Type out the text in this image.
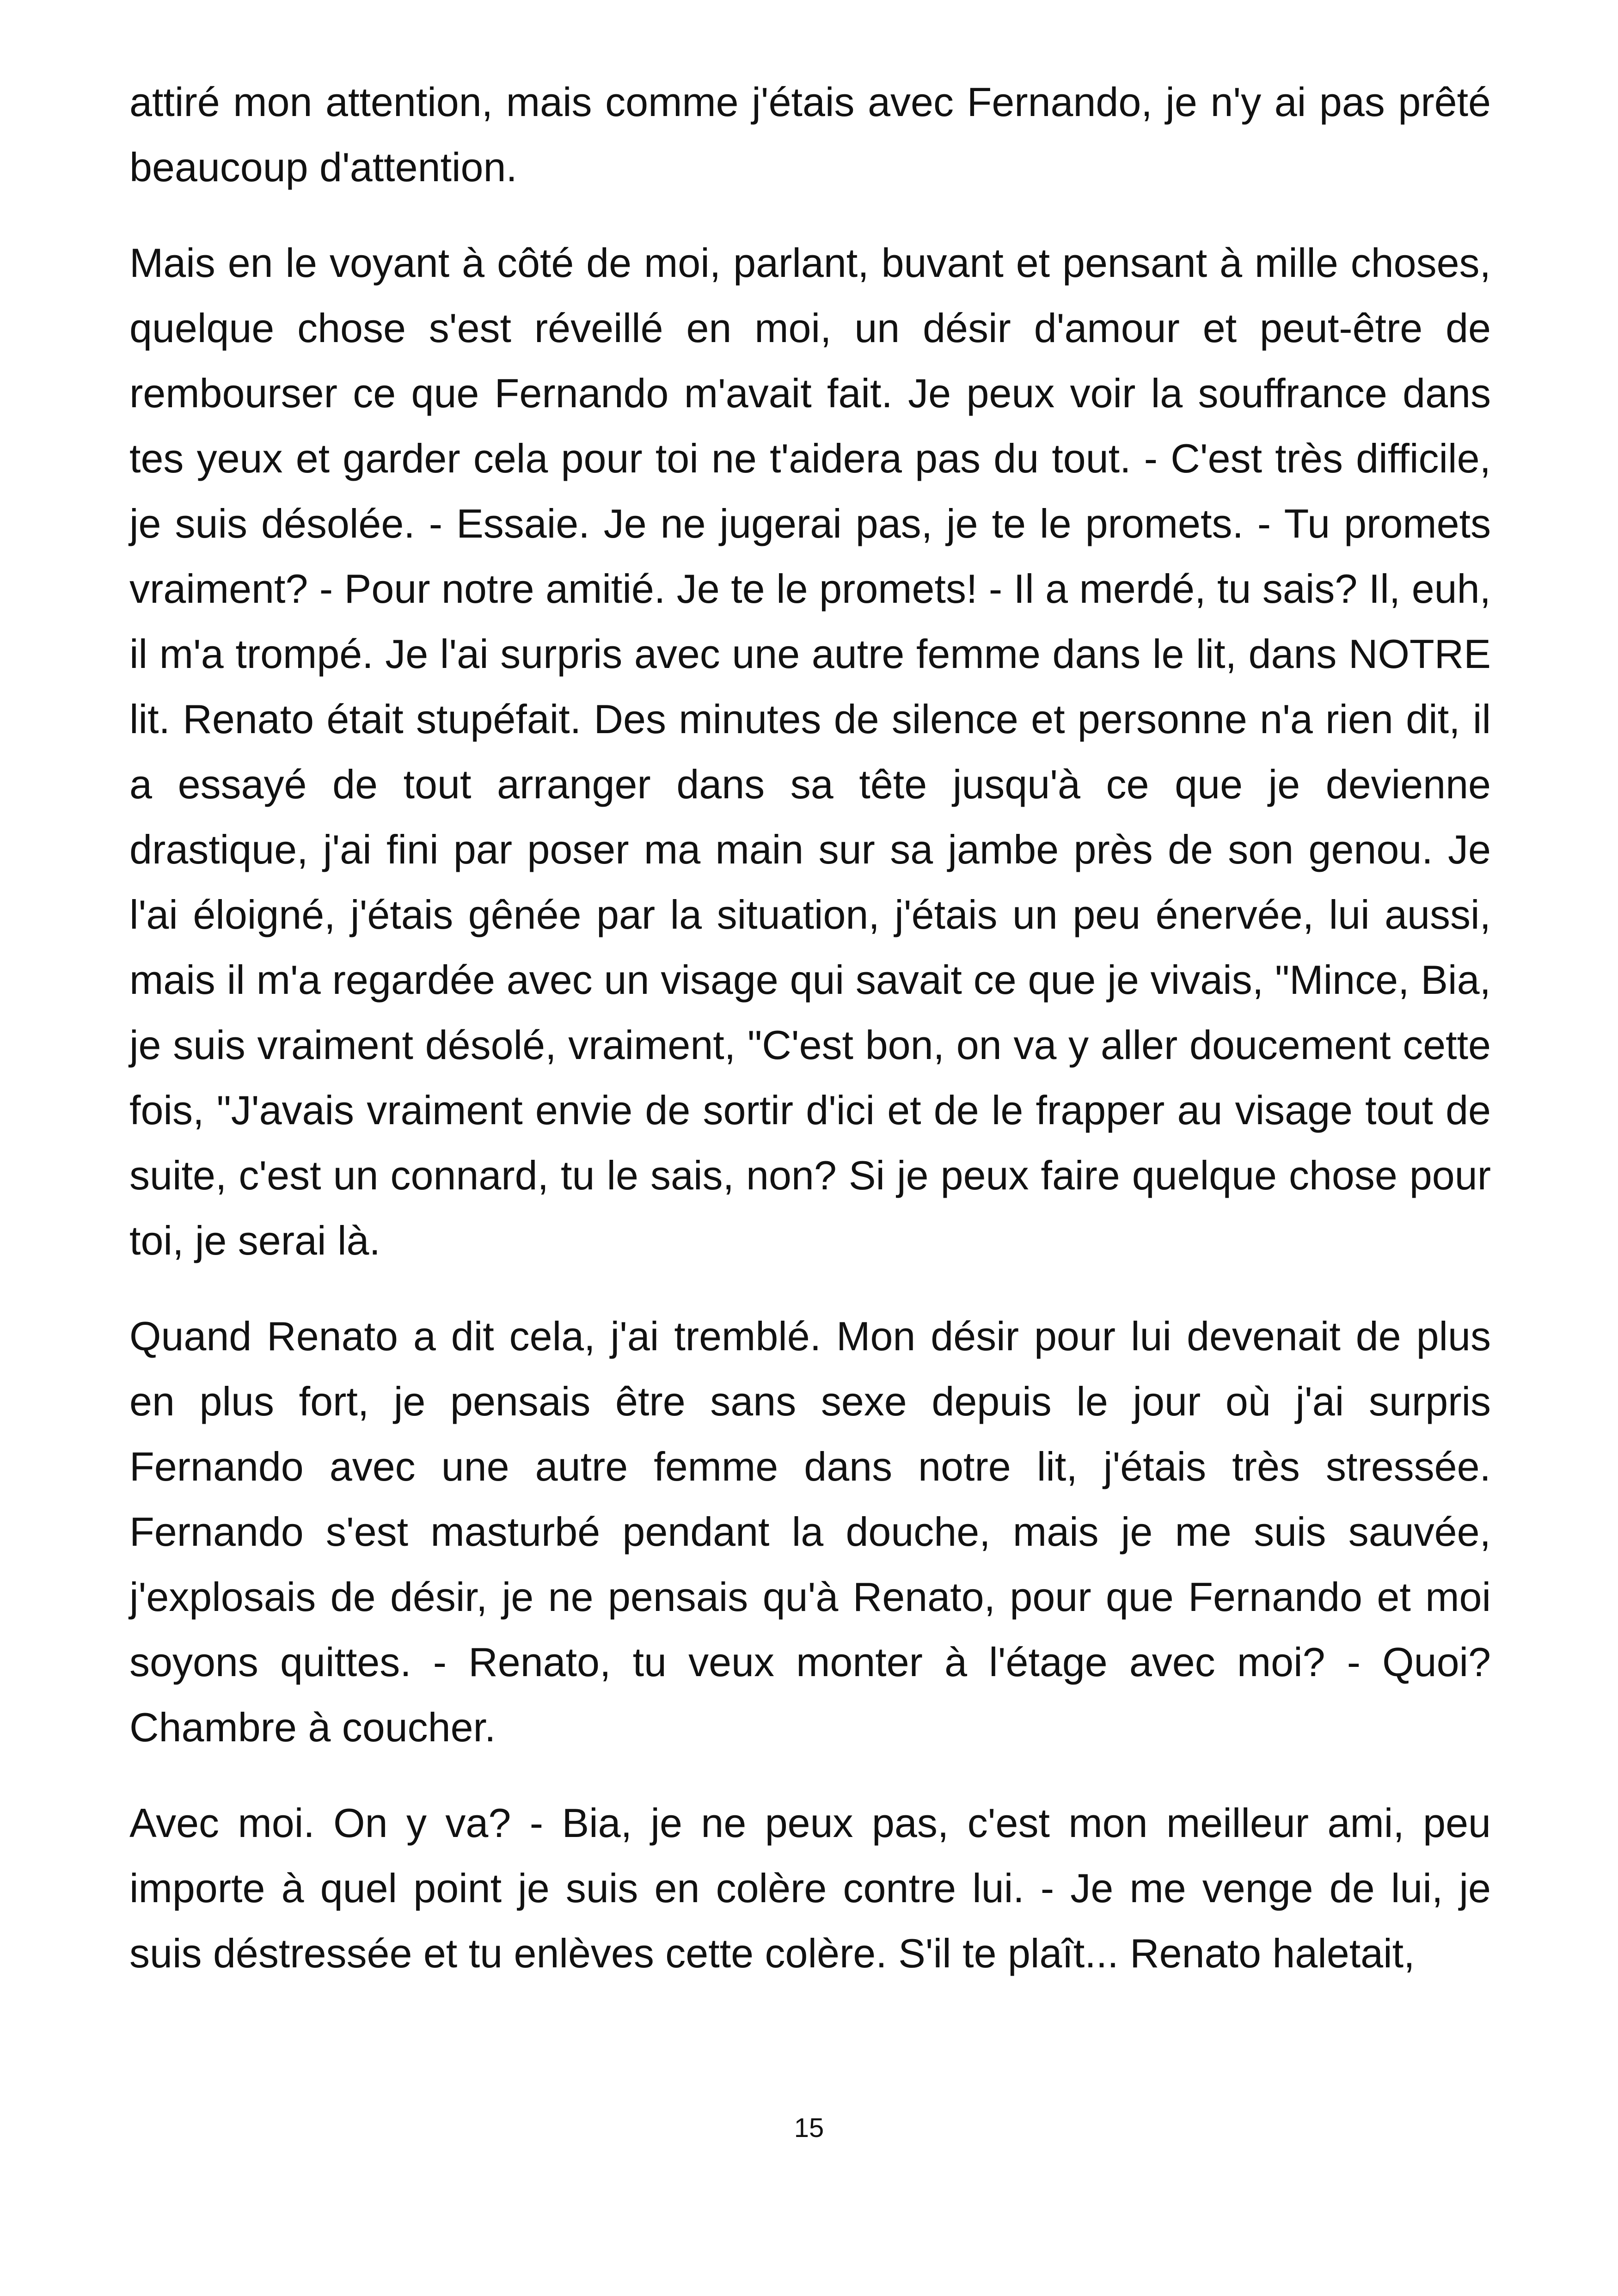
attiré mon attention, mais comme j'étais avec Fernando, je n'y ai pas prêté beaucoup d'attention.

Mais en le voyant à côté de moi, parlant, buvant et pensant à mille choses, quelque chose s'est réveillé en moi, un désir d'amour et peut-être de rembourser ce que Fernando m'avait fait. Je peux voir la souffrance dans tes yeux et garder cela pour toi ne t'aidera pas du tout. - C'est très difficile, je suis désolée. - Essaie. Je ne jugerai pas, je te le promets. - Tu promets vraiment? - Pour notre amitié. Je te le promets! - Il a merdé, tu sais? Il, euh, il m'a trompé. Je l'ai surpris avec une autre femme dans le lit, dans NOTRE lit. Renato était stupéfait. Des minutes de silence et personne n'a rien dit, il a essayé de tout arranger dans sa tête jusqu'à ce que je devienne drastique, j'ai fini par poser ma main sur sa jambe près de son genou. Je l'ai éloigné, j'étais gênée par la situation, j'étais un peu énervée, lui aussi, mais il m'a regardée avec un visage qui savait ce que je vivais, "Mince, Bia, je suis vraiment désolé, vraiment, "C'est bon, on va y aller doucement cette fois, "J'avais vraiment envie de sortir d'ici et de le frapper au visage tout de suite, c'est un connard, tu le sais, non? Si je peux faire quelque chose pour toi, je serai là.

Quand Renato a dit cela, j'ai tremblé. Mon désir pour lui devenait de plus en plus fort, je pensais être sans sexe depuis le jour où j'ai surpris Fernando avec une autre femme dans notre lit, j'étais très stressée. Fernando s'est masturbé pendant la douche, mais je me suis sauvée, j'explosais de désir, je ne pensais qu'à Renato, pour que Fernando et moi soyons quittes. - Renato, tu veux monter à l'étage avec moi? - Quoi? Chambre à coucher.

Avec moi. On y va? - Bia, je ne peux pas, c'est mon meilleur ami, peu importe à quel point je suis en colère contre lui. - Je me venge de lui, je suis déstressée et tu enlèves cette colère. S'il te plaît... Renato haletait,

15
